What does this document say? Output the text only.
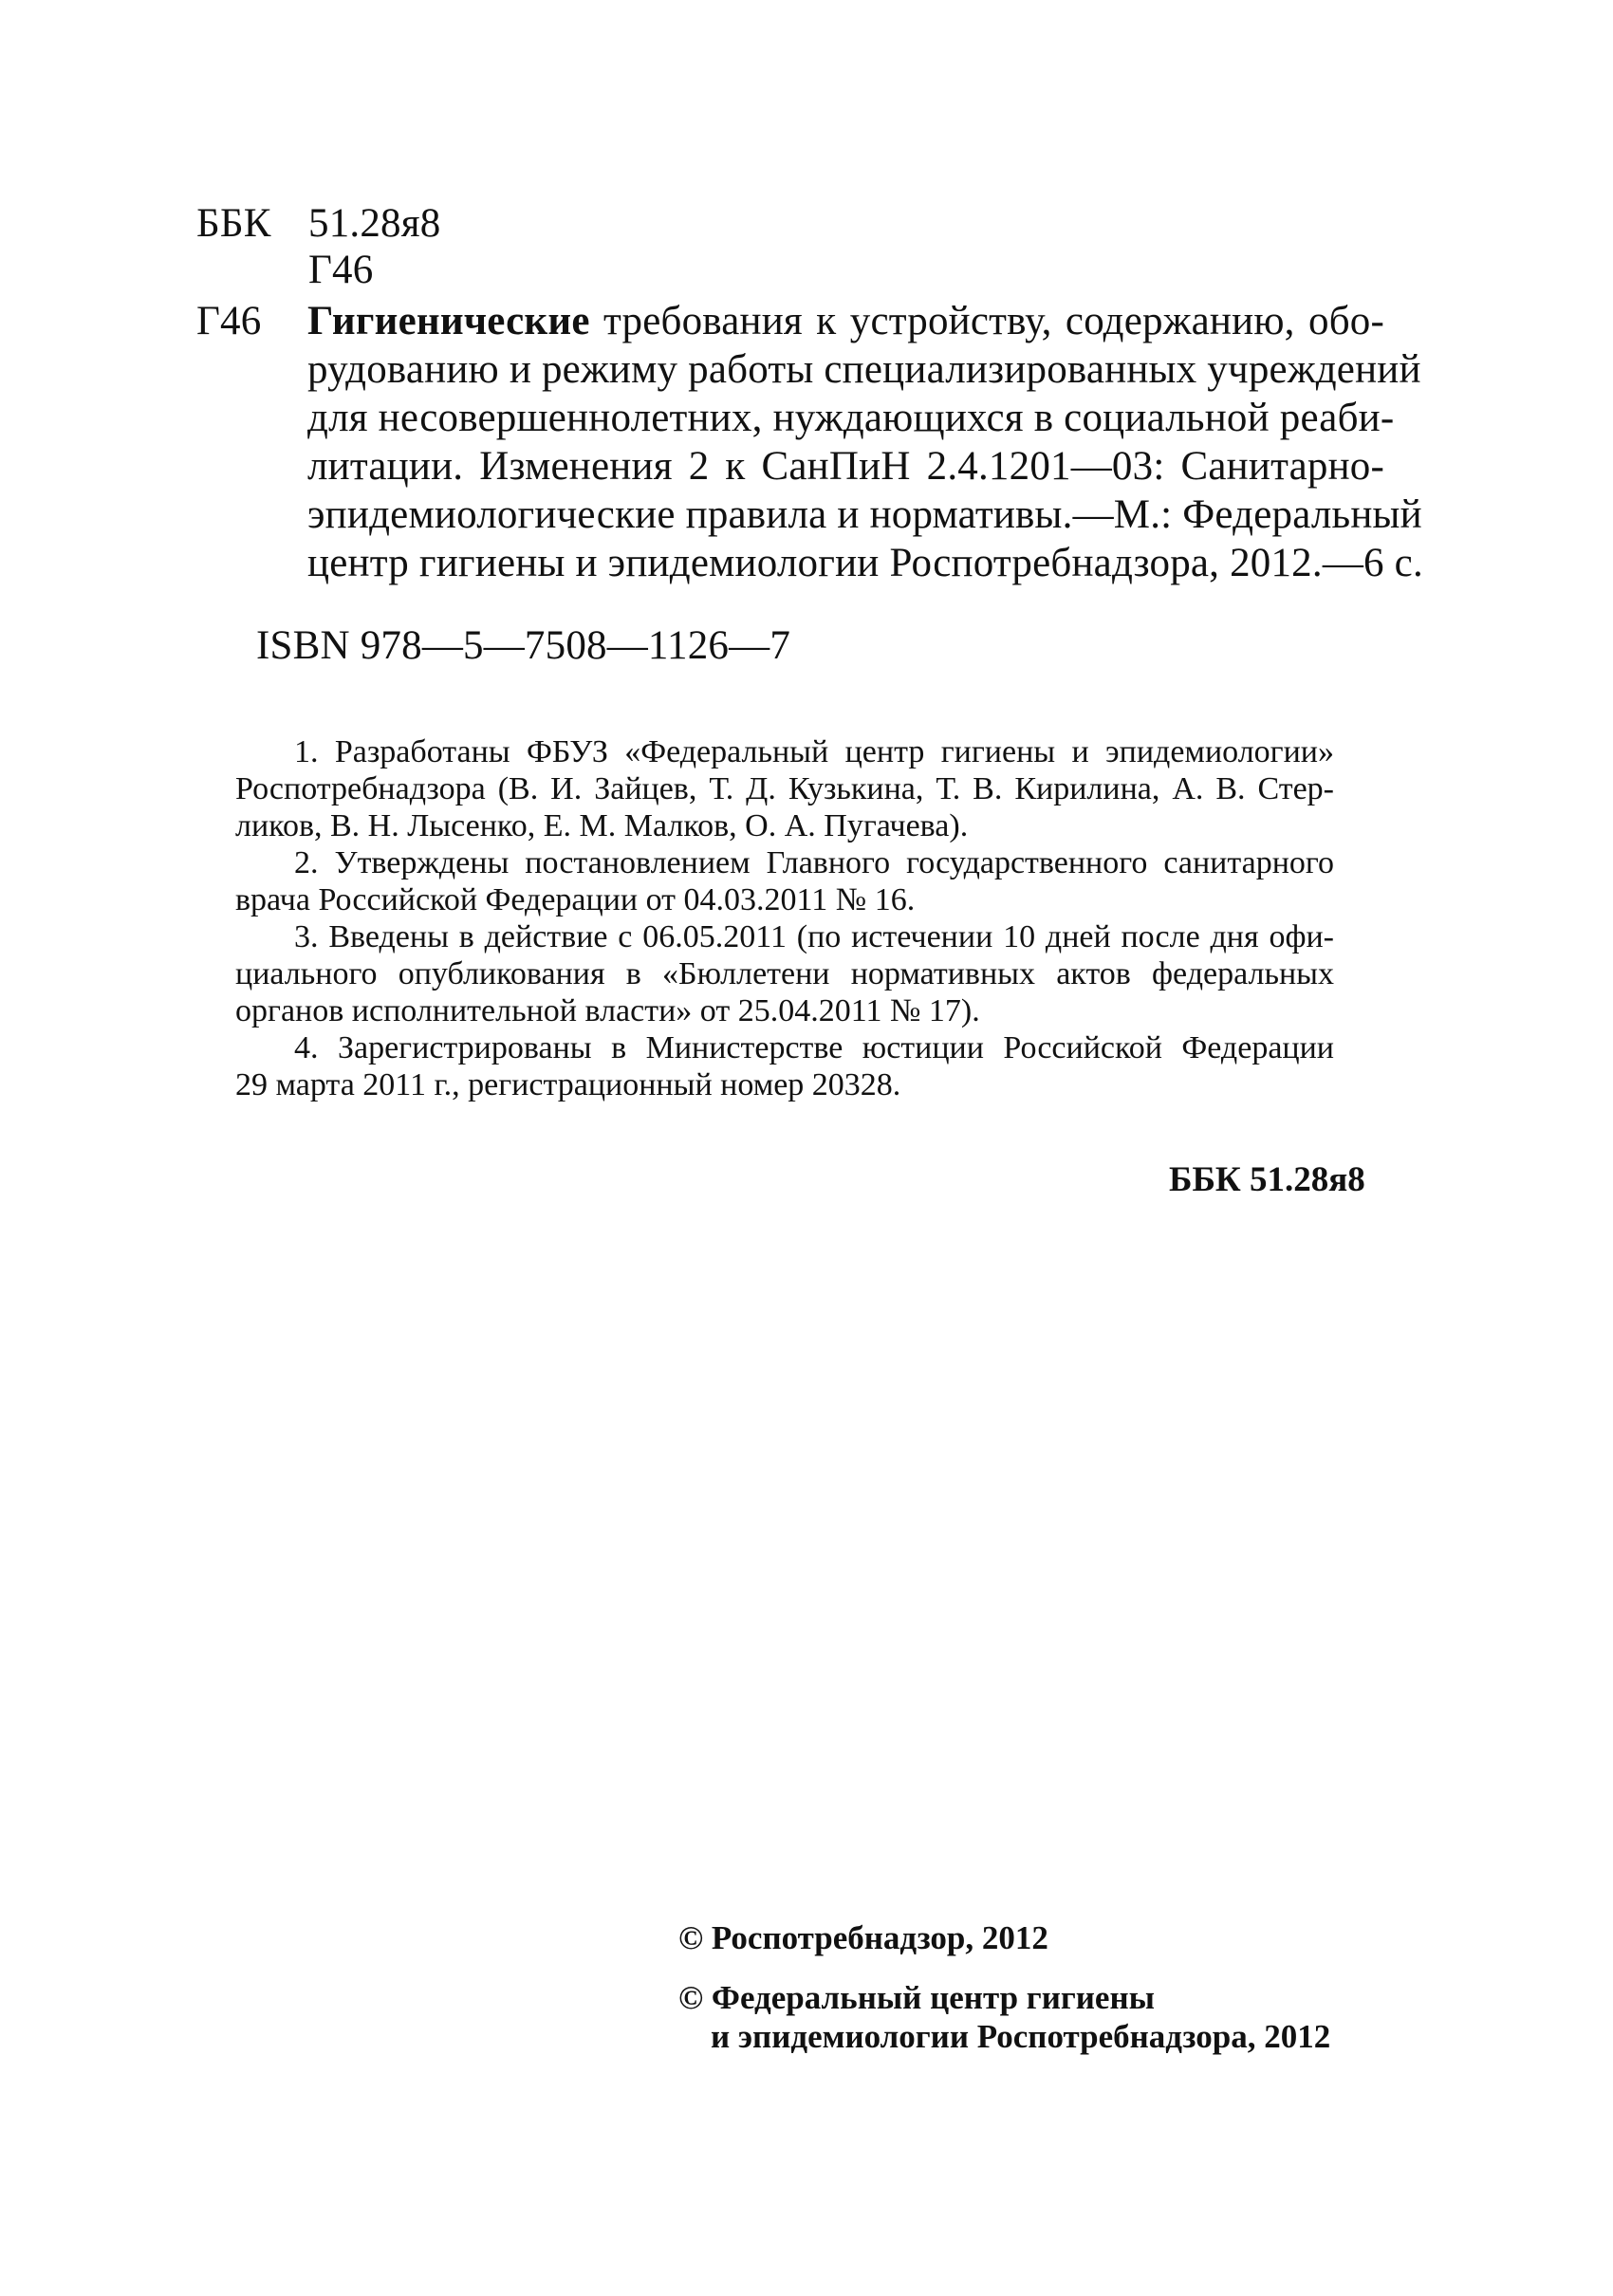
ББК 51.28я8
Г46
Г46 Гигиенические требования к устройству, содержанию, обо-
рудованию и режиму работы специализированных учреждений
для несовершеннолетних, нуждающихся в социальной реаби-
литации. Изменения 2 к СанПиН 2.4.1201—03: Санитарно-
эпидемиологические правила и нормативы.—М.: Федеральный
центр гигиены и эпидемиологии Роспотребнадзора, 2012.—6 с.
ISBN 978—5—7508—1126—7
1. Разработаны ФБУЗ «Федеральный центр гигиены и эпидемиологии»
Роспотребнадзора (В. И. Зайцев, Т. Д. Кузькина, Т. В. Кирилина, А. В. Стер-
ликов, В. Н. Лысенко, Е. М. Малков, О. А. Пугачева).
2. Утверждены постановлением Главного государственного санитарного
врача Российской Федерации от 04.03.2011 № 16.
3. Введены в действие с 06.05.2011 (по истечении 10 дней после дня офи-
циального опубликования в «Бюллетени нормативных актов федеральных
органов исполнительной власти» от 25.04.2011 № 17).
4. Зарегистрированы в Министерстве юстиции Российской Федерации
29 марта 2011 г., регистрационный номер 20328.
ББК 51.28я8
© Роспотребнадзор, 2012
© Федеральный центр гигиены
и эпидемиологии Роспотребнадзора, 2012
